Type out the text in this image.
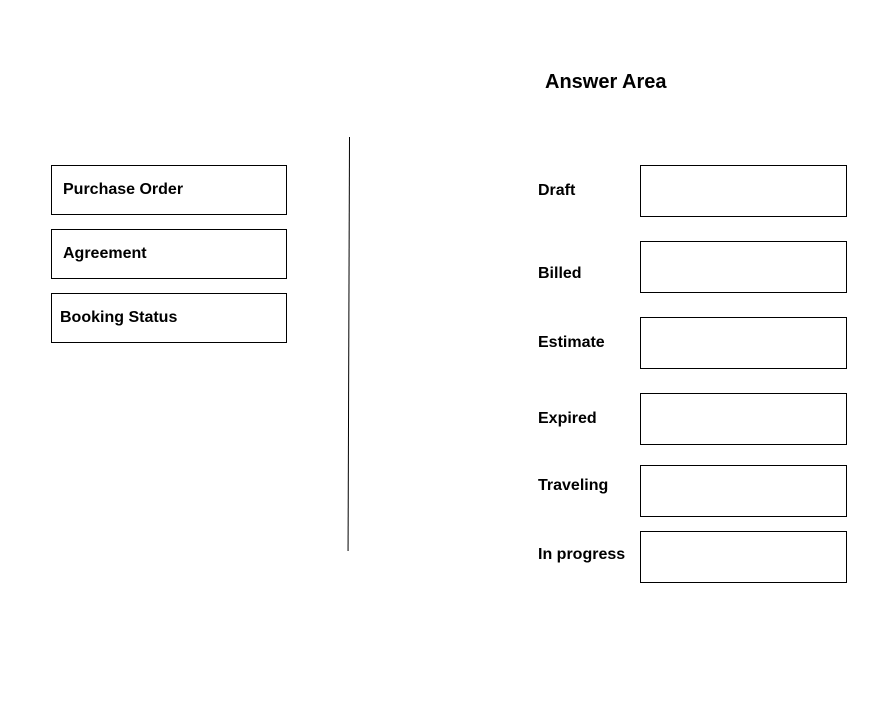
Answer Area
Purchase Order
Agreement
Booking Status
Draft
Billed
Estimate
Expired
Traveling
In progress
